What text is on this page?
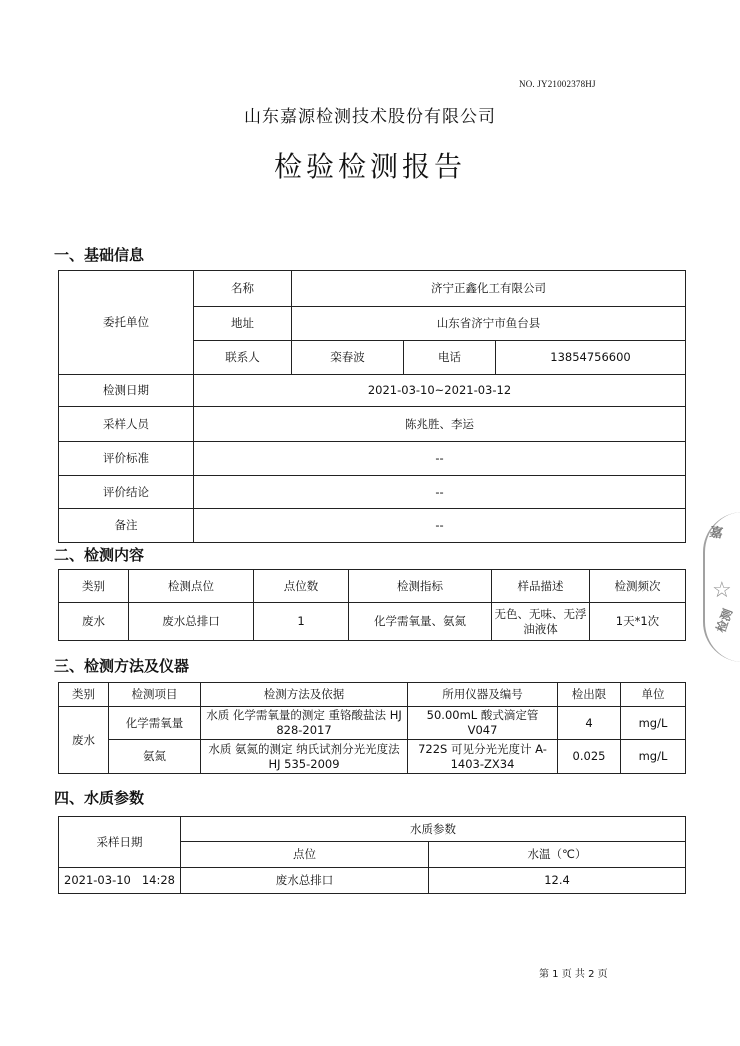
NO. JY21002378HJ
山东嘉源检测技术股份有限公司
检验检测报告
一、基础信息
委托单位	名称	济宁正鑫化工有限公司		
	地址	山东省济宁市鱼台县		
	联系人	栾春波	电话	13854756600
检测日期	2021-03-10~2021-03-12			
采样人员	陈兆胜、李运			
评价标准	--			
评价结论	--			
备注	--			
二、检测内容
类别	检测点位	点位数	检测指标	样品描述	检测频次
废水	废水总排口	1	化学需氧量、氨氮	无色、无味、无浮油液体	1天*1次
三、检测方法及仪器
类别	检测项目	检测方法及依据	所用仪器及编号	检出限	单位
废水	化学需氧量	水质 化学需氧量的测定 重铬酸盐法 HJ 828-2017	50.00mL 酸式滴定管 V047	4	mg/L
	氨氮	水质 氨氮的测定 纳氏试剂分光光度法 HJ 535-2009	722S 可见分光光度计 A-1403-ZX34	0.025	mg/L
四、水质参数
采样日期	水质参数	
	点位	水温（℃）
2021-03-10   14:28	废水总排口	12.4
嘉
☆
检测
第 1 页 共 2 页
